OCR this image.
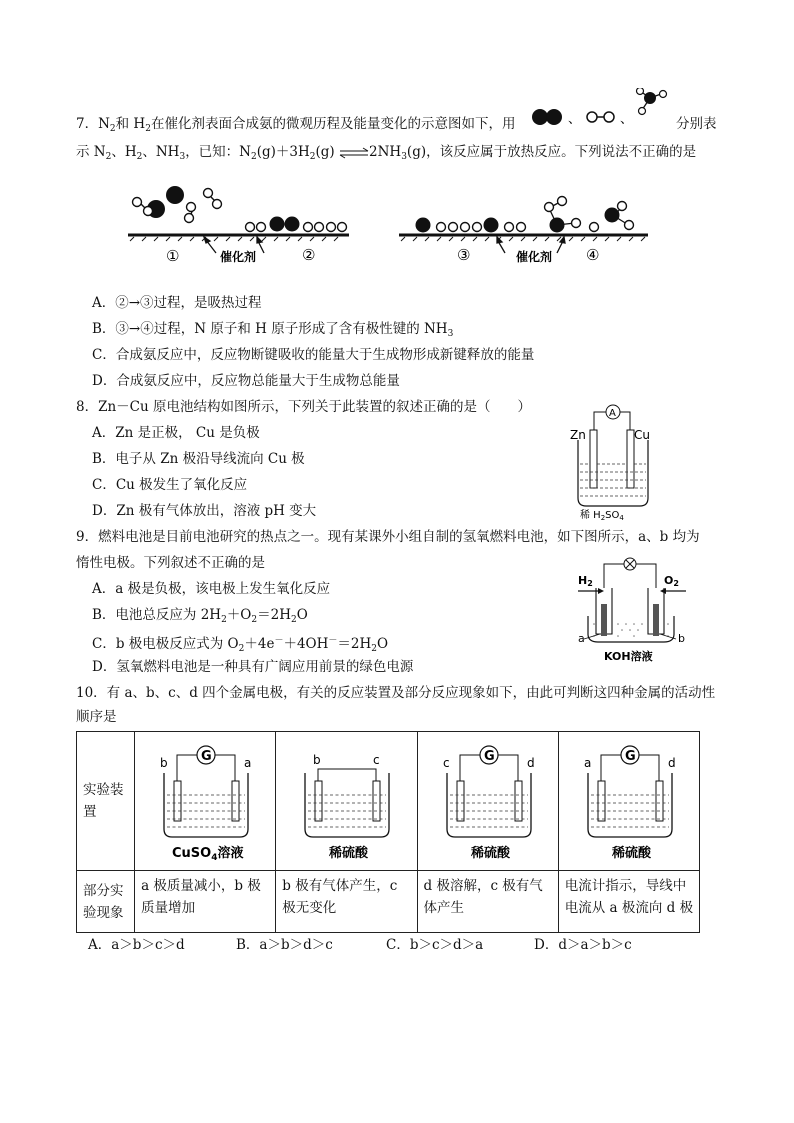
7．$N_2$和 $H_2$在催化剂表面合成氨的微观历程及能量变化的示意图如下，用	、	、	分别表
示 $N_2$、$H_2$、$NH_3$，已知：$N_2(g)+3H_2(g)$ $\rightleftharpoons 2NH_3(g)$，该反应属于放热反应。下列说法不正确的是
催化剂	催化剂
①	②	③	④
A．②→③过程，是吸热过程
B．③→④过程，N 原子和 H 原子形成了含有极性键的 $NH_3$
C．合成氨反应中，反应物断键吸收的能量大于生成物形成新键释放的能量
D．合成氨反应中，反应物总能量大于生成物总能量
8．Zn－Cu 原电池结构如图所示，下列关于此装置的叙述正确的是（　　）
A．Zn 是正极， Cu 是负极
B．电子从 Zn 极沿导线流向 Cu 极
C．Cu 极发生了氧化反应
D．Zn 极有气体放出，溶液 pH 变大
A
Zn	Cu
稀 $H_2SO_4$
9．燃料电池是目前电池研究的热点之一。现有某课外小组自制的氢氧燃料电池，如下图所示，a、b 均为
惰性电极。下列叙述不正确的是
A．a 极是负极，该电极上发生氧化反应
B．电池总反应为 $2H_2+O_2=2H_2O$
C．b 极电极反应式为 $O_2+4e^-+4OH^-=2H_2O$
D．氢氧燃料电池是一种具有广阔应用前景的绿色电源
H2	O2
a	b
KOH溶液
10．有 a、b、c、d 四个金属电极，有关的反应装置及部分反应现象如下，由此可判断这四种金属的活动性
顺序是
实验装置	G
b a
CuSO$_4$溶液	b c
稀硫酸	G
c d
稀硫酸	G
a d
稀硫酸

部分实验现象	a 极质量减小，b 极质量增加	b 极有气体产生，c 极无变化	d 极溶解，c 极有气体产生	电流计指示，导线中电流从 a 极流向 d 极
A．a＞b＞c＞d	B．a＞b＞d＞c	C．b＞c＞d＞a	D．d＞a＞b＞c
